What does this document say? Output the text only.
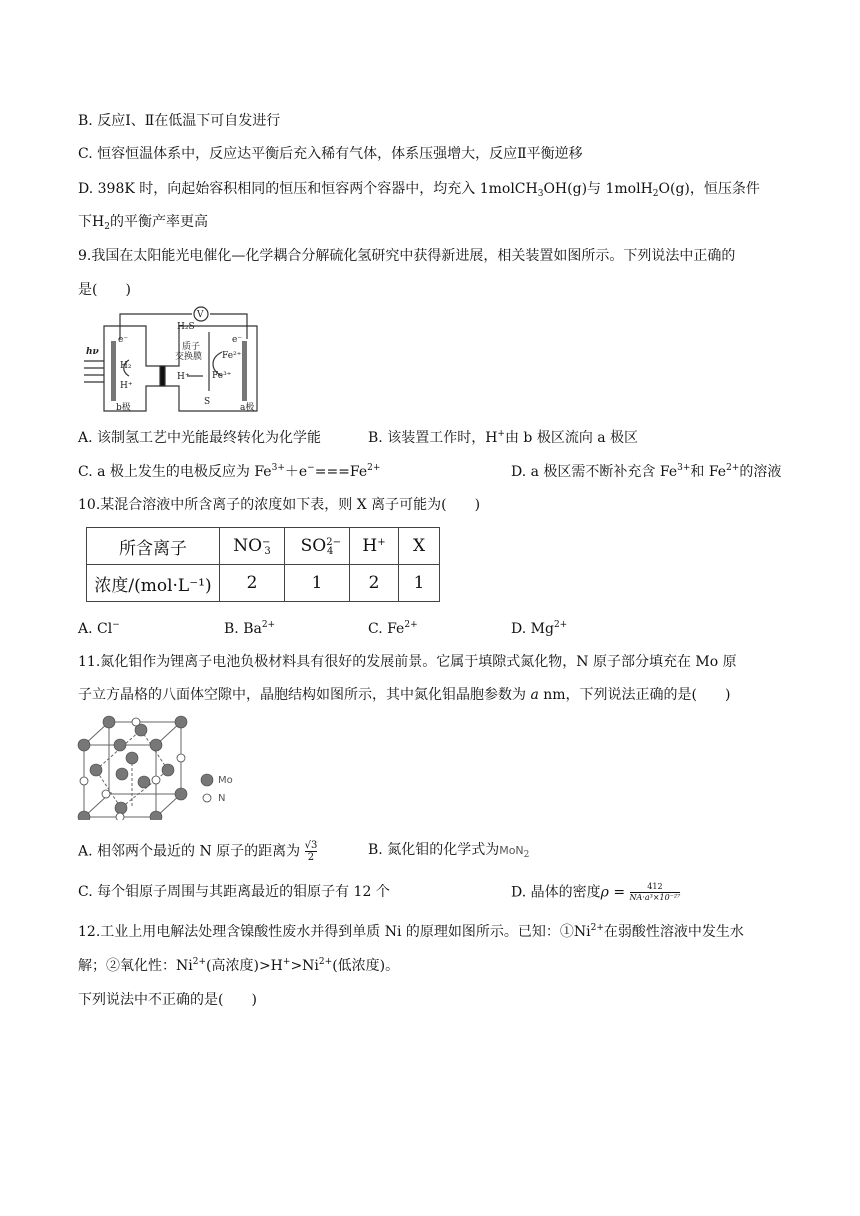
B. 反应Ⅰ、Ⅱ在低温下可自发进行
C. 恒容恒温体系中，反应达平衡后充入稀有气体，体系压强增大，反应Ⅱ平衡逆移
D. 398K 时，向起始容积相同的恒压和恒容两个容器中，均充入 1molCH$_3$OH(g)与 1molH$_2$O(g)，恒压条件
下$H_2$的平衡产率更高
9.我国在太阳能光电催化—化学耦合分解硫化氢研究中获得新进展，相关装置如图所示。下列说法中正确的
是(　　)
V
H₂S
质子
交换膜
e⁻	e⁻
H₂
H⁺
H⁺
Fe²⁺
Fe³⁺
S
b极	a极
hν
A. 该制氢工艺中光能最终转化为化学能	B. 该装置工作时，H+由 b 极区流向 a 极区
C. a 极上发生的电极反应为 $Fe^{3+}+e^-===Fe^{2+}$	D. a 极区需不断补充含 $Fe^{3+}$和 $Fe^{2+}$的溶液
10.某混合溶液中所含离子的浓度如下表，则 X 离子可能为(　　)
所含离子	$NO^-_3$	$SO^{2-}_4$	H+	X
浓度/(mol·L⁻¹)	2	1	2	1
A. Cl−	B. $Ba^{2+}$	C. $Fe^{2+}$	D. $Mg^{2+}$
11.氮化钼作为锂离子电池负极材料具有很好的发展前景。它属于填隙式氮化物，N 原子部分填充在 Mo 原
子立方晶格的八面体空隙中，晶胞结构如图所示，其中氮化钼晶胞参数为 a nm，下列说法正确的是(　　)
Mo
N
A. 相邻两个最近的 N 原子的距离为 $\frac{√3}{2}$	B. 氮化钼的化学式为MoN$_2$
C. 每个钼原子周围与其距离最近的钼原子有 12 个	D. 晶体的密度$\rho = \frac{412}{\text{N⁠A·a³×10⁻²⁷}}$
12.工业上用电解法处理含镍酸性废水并得到单质 Ni 的原理如图所示。已知：$①Ni^{2+}$在弱酸性溶液中发生水
解；②氧化性：$Ni^{2+}$(高浓度)$>H^+>Ni^{2+}$(低浓度)。
下列说法中不正确的是(　　)
